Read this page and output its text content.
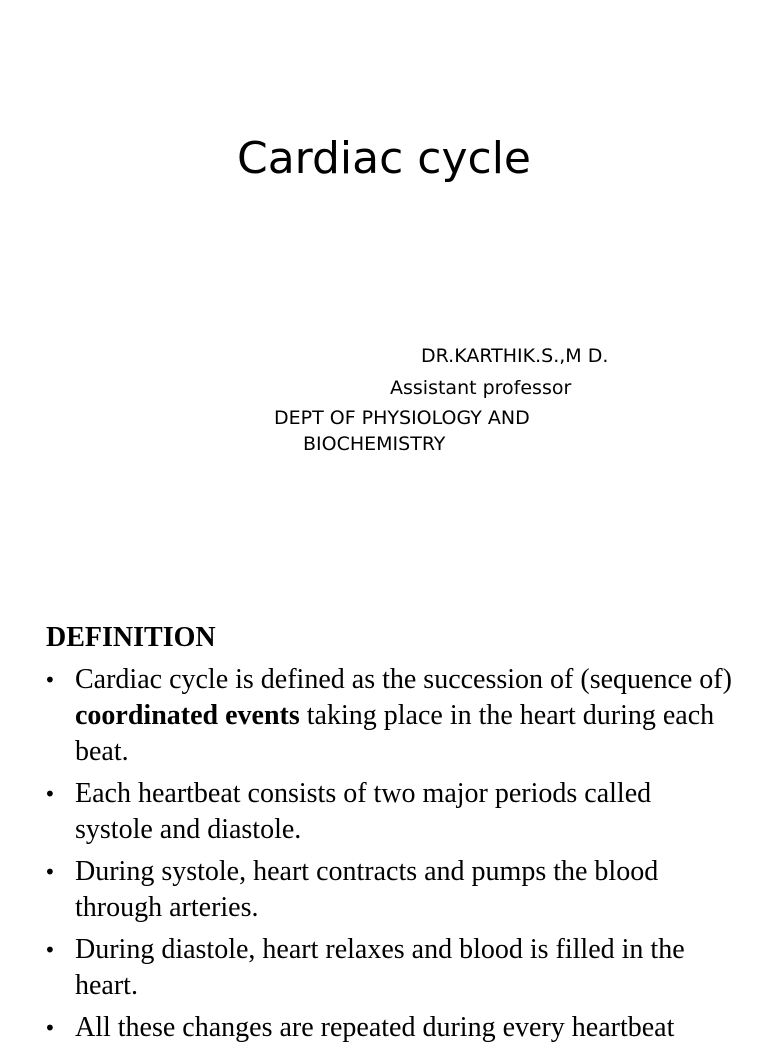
Cardiac cycle
DR.KARTHIK.S.,M D.
Assistant professor
DEPT OF PHYSIOLOGY AND
BIOCHEMISTRY
DEFINITION
• Cardiac cycle is defined as the succession of (sequence of) coordinated events taking place in the heart during each beat.
• Each heartbeat consists of two major periods called systole and diastole.
• During systole, heart contracts and pumps the blood through arteries.
• During diastole, heart relaxes and blood is filled in the heart.
• All these changes are repeated during every heartbeat
